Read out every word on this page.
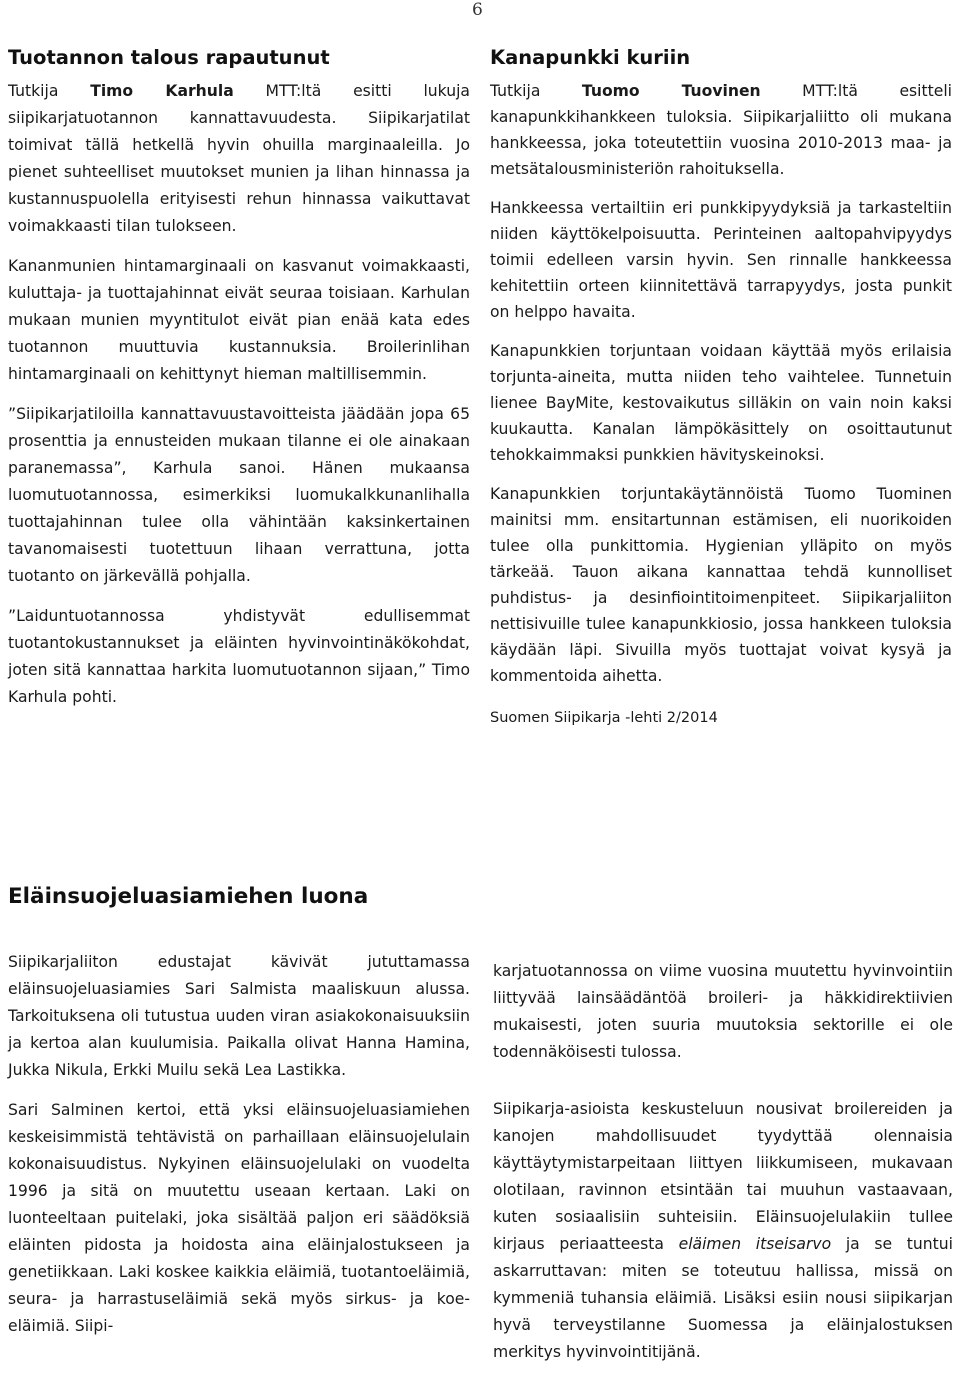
6
Tuotannon talous rapautunut

Tutkija Timo Karhula MTT:ltä esitti lukuja siipikarjatuotannon kannattavuudesta. Siipikarjatilat toimivat tällä hetkellä hyvin ohuilla marginaaleilla. Jo pienet suhteelliset muutokset munien ja lihan hinnassa ja kustannuspuolella erityisesti rehun hinnassa vaikuttavat voimakkaasti tilan tulokseen.

Kananmunien hintamarginaali on kasvanut voimakkaasti, kuluttaja- ja tuottajahinnat eivät seuraa toisiaan. Karhulan mukaan munien myyntitulot eivät pian enää kata edes tuotannon muuttuvia kustannuksia. Broilerinlihan hintamarginaali on kehittynyt hieman maltillisemmin.

”Siipikarjatiloilla kannattavuustavoitteista jäädään jopa 65 prosenttia ja ennusteiden mukaan tilanne ei ole ainakaan paranemassa”, Karhula sanoi. Hänen mukaansa luomutuotannossa, esimerkiksi luomukalkkunanlihalla tuottajahinnan tulee olla vähintään kaksinkertainen tavanomaisesti tuotettuun lihaan verrattuna, jotta tuotanto on järkevällä pohjalla.

”Laiduntuotannossa yhdistyvät edullisemmat tuotantokustannukset ja eläinten hyvinvointinäkökohdat, joten sitä kannattaa harkita luomutuotannon sijaan,” Timo Karhula pohti.

Kanapunkki kuriin

Tutkija Tuomo Tuovinen MTT:ltä esitteli kanapunkkihankkeen tuloksia. Siipikarjaliitto oli mukana hankkeessa, joka toteutettiin vuosina 2010-2013 maa- ja metsätalousministeriön rahoituksella.

Hankkeessa vertailtiin eri punkkipyydyksiä ja tarkasteltiin niiden käyttökelpoisuutta. Perinteinen aaltopahvipyydys toimii edelleen varsin hyvin. Sen rinnalle hankkeessa kehitettiin orteen kiinnitettävä tarrapyydys, josta punkit on helppo havaita.

Kanapunkkien torjuntaan voidaan käyttää myös erilaisia torjunta-aineita, mutta niiden teho vaihtelee. Tunnetuin lienee BayMite, kestovaikutus silläkin on vain noin kaksi kuukautta. Kanalan lämpökäsittely on osoittautunut tehokkaimmaksi punkkien hävityskeinoksi.

Kanapunkkien torjuntakäytännöistä Tuomo Tuominen mainitsi mm. ensitartunnan estämisen, eli nuorikoiden tulee olla punkittomia. Hygienian ylläpito on myös tärkeää. Tauon aikana kannattaa tehdä kunnolliset puhdistus- ja desinfiointitoimenpiteet. Siipikarjaliiton nettisivuille tulee kanapunkkiosio, jossa hankkeen tuloksia käydään läpi. Sivuilla myös tuottajat voivat kysyä ja kommentoida aihetta.

Suomen Siipikarja -lehti 2/2014
Eläinsuojeluasiamiehen luona

Siipikarjaliiton edustajat kävivät jututtamassa eläinsuojeluasiamies Sari Salmista maaliskuun alussa. Tarkoituksena oli tutustua uuden viran asiakokonaisuuksiin ja kertoa alan kuulumisia. Paikalla olivat Hanna Hamina, Jukka Nikula, Erkki Muilu sekä Lea Lastikka.

Sari Salminen kertoi, että yksi eläinsuojeluasiamiehen keskeisimmistä tehtävistä on parhaillaan eläinsuojelulain kokonaisuudistus. Nykyinen eläinsuojelulaki on vuodelta 1996 ja sitä on muutettu useaan kertaan. Laki on luonteeltaan puitelaki, joka sisältää paljon eri säädöksiä eläinten pidosta ja hoidosta aina eläinjalostukseen ja genetiikkaan. Laki koskee kaikkia eläimiä, tuotantoeläimiä, seura- ja harrastuseläimiä sekä myös sirkus- ja koe-eläimiä. Siipi-

karjatuotannossa on viime vuosina muutettu hyvinvointiin liittyvää lainsäädäntöä broileri- ja häkkidirektiivien mukaisesti, joten suuria muutoksia sektorille ei ole todennäköisesti tulossa.

Siipikarja-asioista keskusteluun nousivat broilereiden ja kanojen mahdollisuudet tyydyttää olennaisia käyttäytymistarpeitaan liittyen liikkumiseen, mukavaan olotilaan, ravinnon etsintään tai muuhun vastaavaan, kuten sosiaalisiin suhteisiin. Eläinsuojelulakiin tullee kirjaus periaatteesta eläimen itseisarvo ja se tuntui askarruttavan: miten se toteutuu hallissa, missä on kymmeniä tuhansia eläimiä. Lisäksi esiin nousi siipikarjan hyvä terveystilanne Suomessa ja eläinjalostuksen merkitys hyvinvointitijänä.
